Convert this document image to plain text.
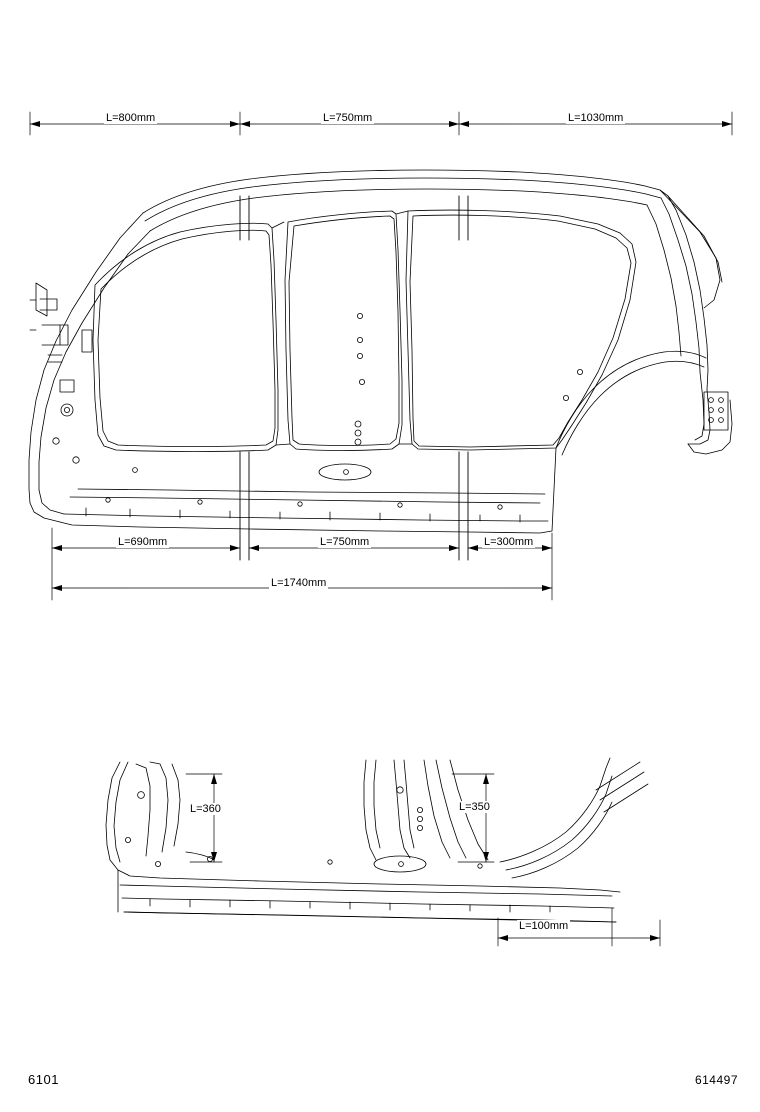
L=800mm	L=750mm	L=1030mm
L=690mm	L=750mm	L=300mm
L=1740mm
L=360	L=350
L=100mm
6101	614497
